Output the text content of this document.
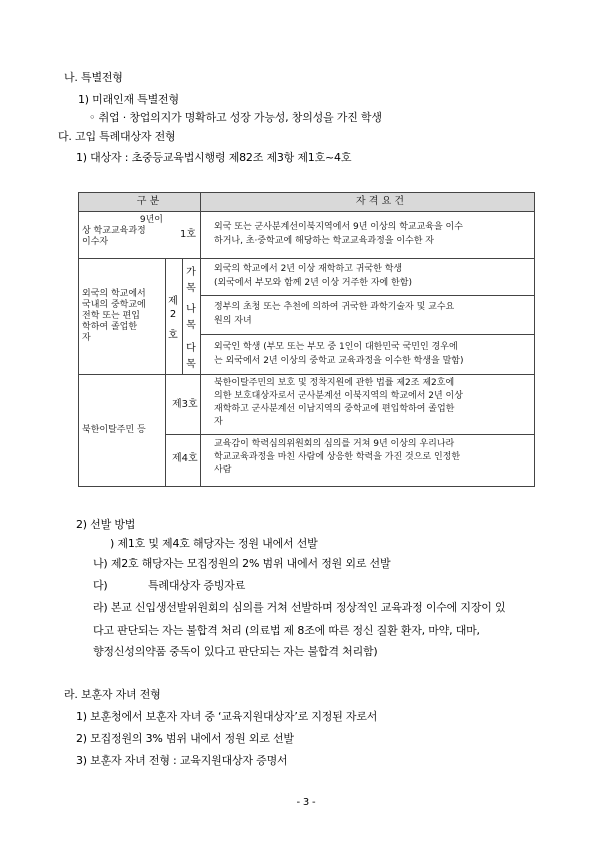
나. 특별전형
1) 미래인재 특별전형
◦ 취업 · 창업의지가 명확하고 성장 가능성, 창의성을 가진 학생
다. 고입 특례대상자 전형
1) 대상자 : 초중등교육법시행령 제82조 제3항 제1호~4호
구 분	자 격 요 건
9년이
상 학교교육과정
이수자
1호
외국 또는 군사분계선이북지역에서 9년 이상의 학교교육을 이수
하거나, 초·중학교에 해당하는 학교교육과정을 이수한 자
외국의 학교에서
국내의 중학교에
전학 또는 편입
학하여 졸업한
자
제
2
호
가
목
나
목
다
목
외국의 학교에서 2년 이상 재학하고 귀국한 학생
(외국에서 부모와 함께 2년 이상 거주한 자에 한함)
정부의 초청 또는 추천에 의하여 귀국한 과학기술자 및 교수요
원의 자녀
외국인 학생 (부모 또는 부모 중 1인이 대한민국 국민인 경우에
는 외국에서 2년 이상의 중학교 교육과정을 이수한 학생을 말함)
북한이탈주민 등
제3호
북한이탈주민의 보호 및 정착지원에 관한 법률 제2조 제2호에
의한 보호대상자로서 군사분계선 이북지역의 학교에서 2년 이상
재학하고 군사분계선 이남지역의 중학교에 편입학하여 졸업한
자
제4호
교육감이 학력심의위원회의 심의를 거쳐 9년 이상의 우리나라
학교교육과정을 마친 사람에 상응한 학력을 가진 것으로 인정한
사람
2) 선발 방법
) 제1호 및 제4호 해당자는 정원 내에서 선발
나) 제2호 해당자는 모집정원의 2% 범위 내에서 정원 외로 선발
다)	특례대상자 증빙자료
라) 본교 신입생선발위원회의 심의를 거쳐 선발하며 정상적인 교육과정 이수에 지장이 있
다고 판단되는 자는 불합격 처리 (의료법 제 8조에 따른 정신 질환 환자, 마약, 대마,
향정신성의약품 중독이 있다고 판단되는 자는 불합격 처리함)
라. 보훈자 자녀 전형
1) 보훈청에서 보훈자 자녀 중 ‘교육지원대상자’로 지정된 자로서
2) 모집정원의 3% 범위 내에서 정원 외로 선발
3) 보훈자 자녀 전형 : 교육지원대상자 증명서
- 3 -
